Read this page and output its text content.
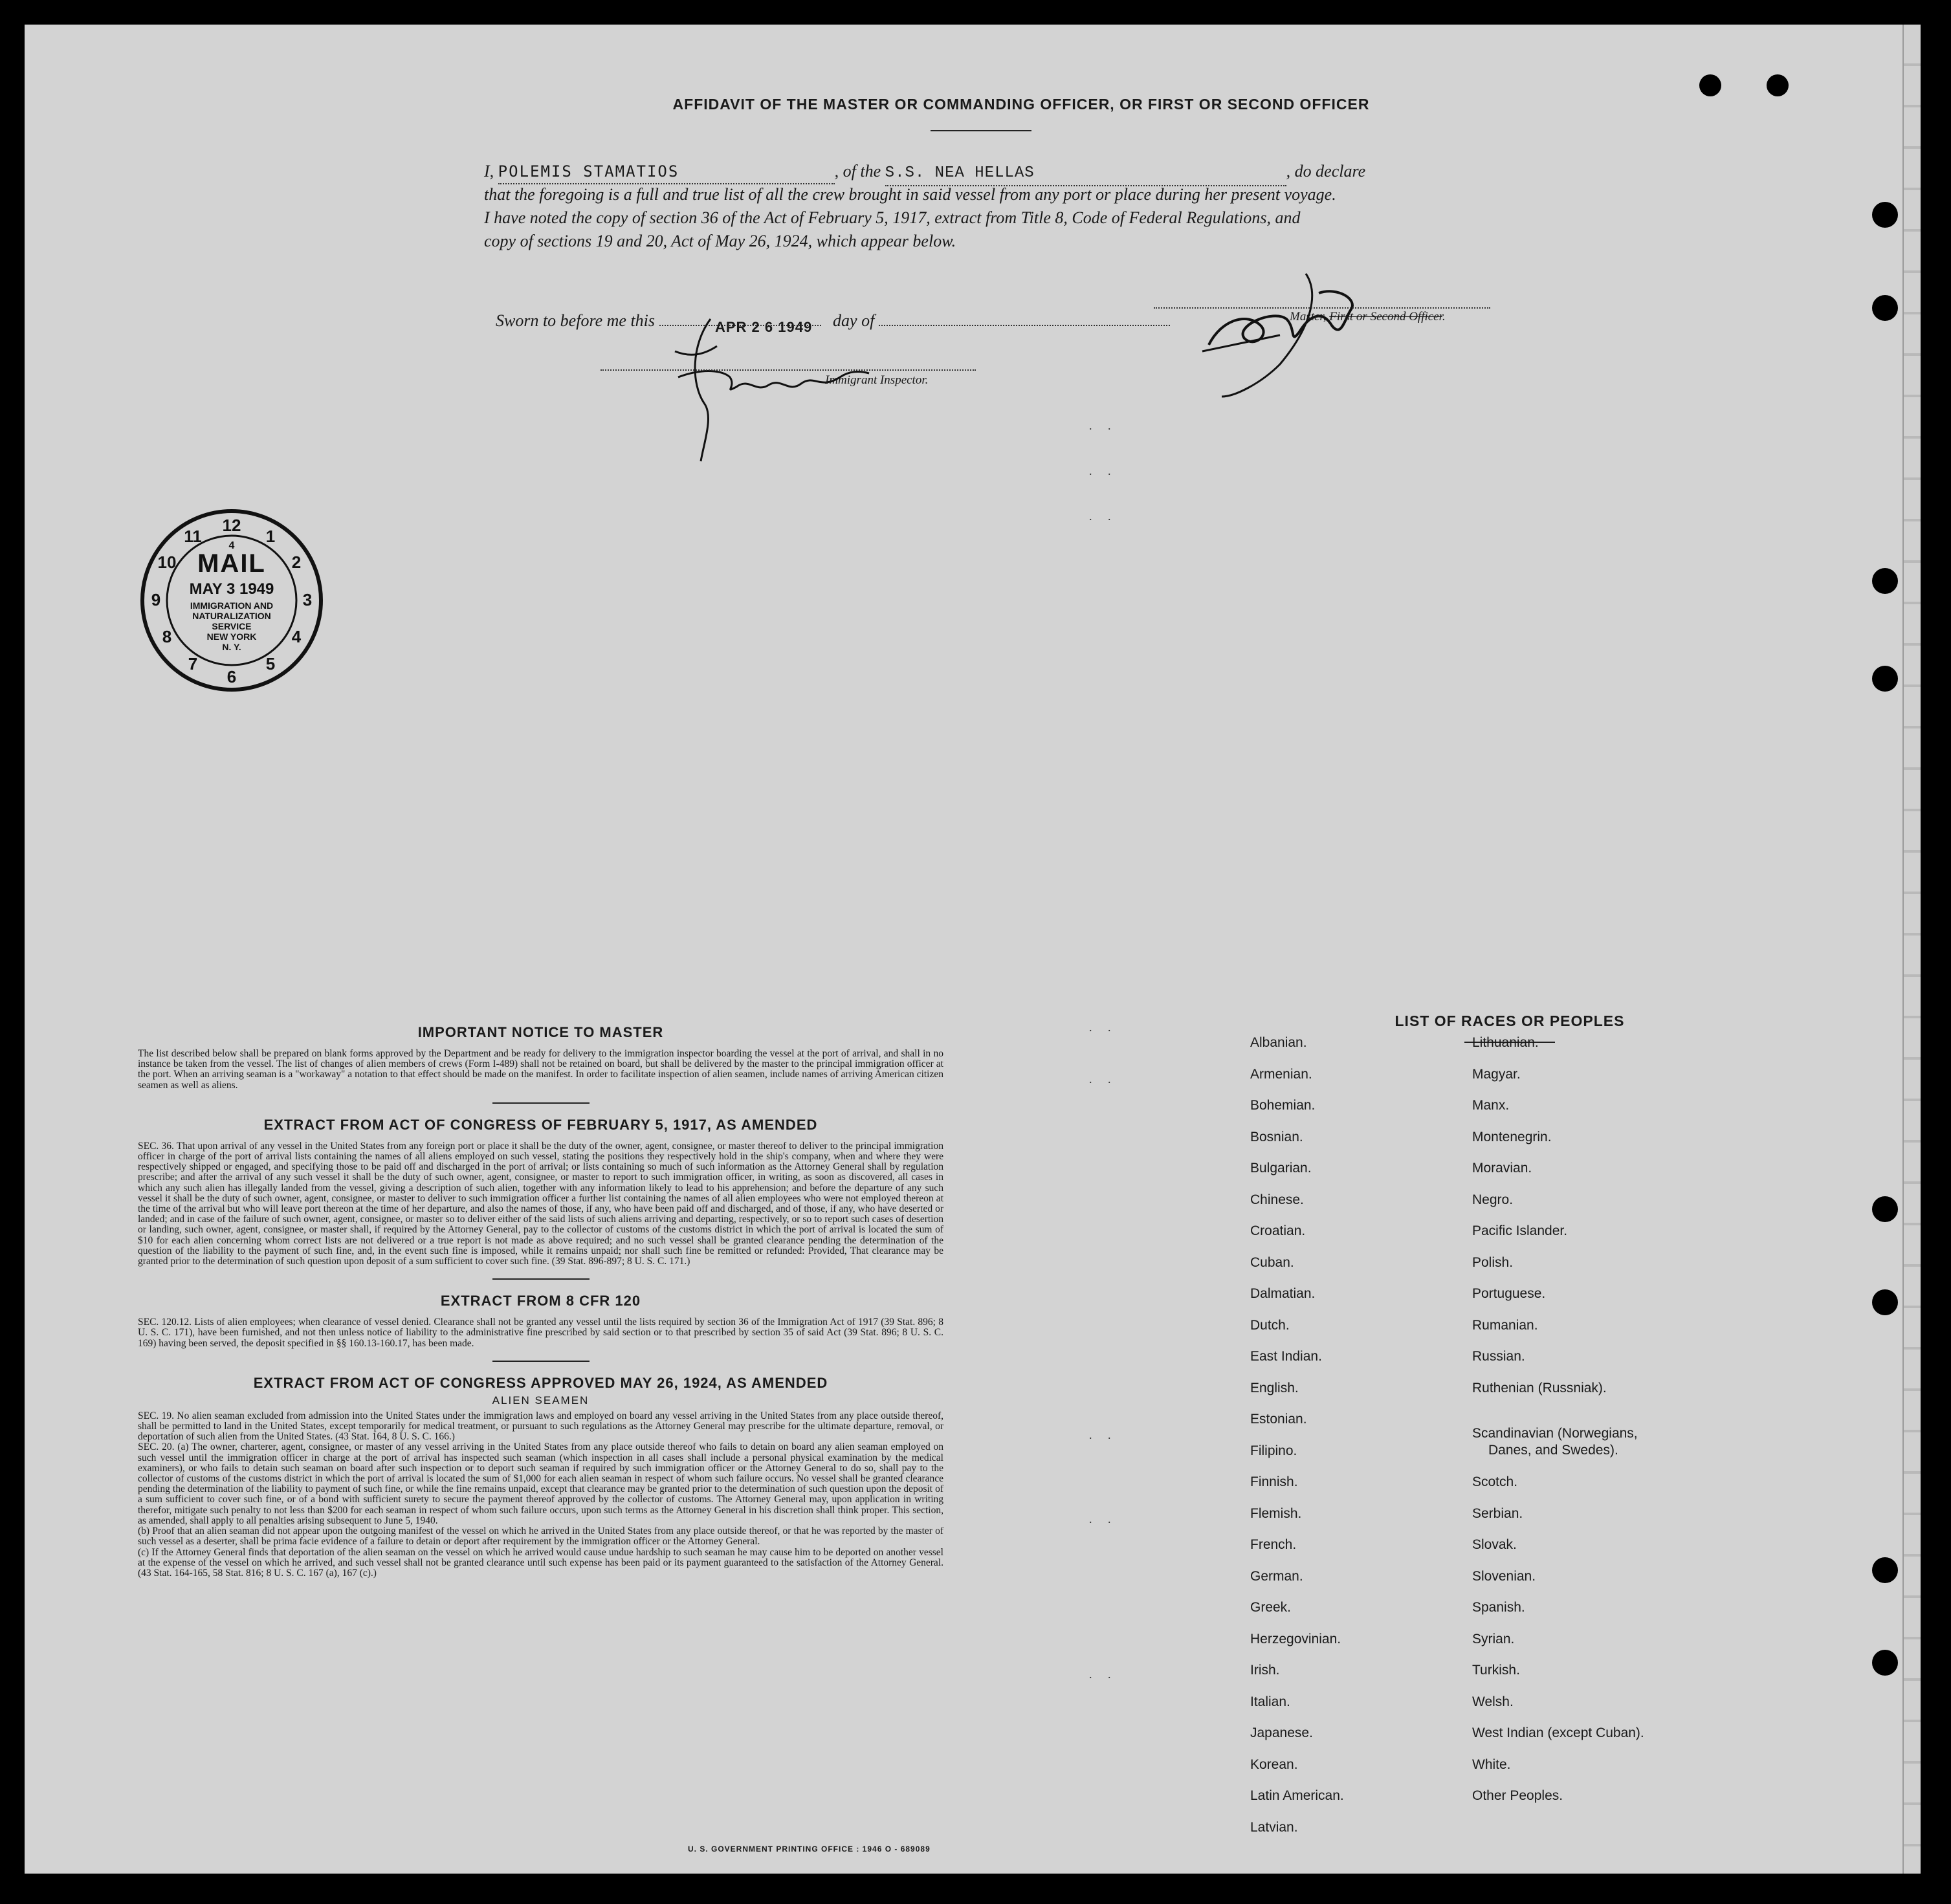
AFFIDAVIT OF THE MASTER OR COMMANDING OFFICER, OR FIRST OR SECOND OFFICER
I, POLEMIS STAMATIOS	, of the S.S. NEA HELLAS	, do declare
that the foregoing is a full and true list of all the crew brought in said vessel from any port or place during her present voyage.
I have noted the copy of section 36 of the Act of February 5, 1917, extract from Title 8, Code of Federal Regulations, and
copy of sections 19 and 20, Act of May 26, 1924, which appear below.
Master, First or Second Officer.
Sworn to before me this	day of
APR 2 6 1949
Immigrant Inspector.
. .
. .
. .
. .
. .
. .
. .
. .
12
1
2
3
4
5
6
7
8
9
10
11	4
MAIL
MAY 3 1949
IMMIGRATION AND
NATURALIZATION
SERVICE
NEW YORK
N. Y.
IMPORTANT NOTICE TO MASTER

The list described below shall be prepared on blank forms approved by the Department and be ready for delivery to the immigration inspector boarding the vessel at the port of arrival, and shall in no instance be taken from the vessel. The list of changes of alien members of crews (Form I-489) shall not be retained on board, but shall be delivered by the master to the principal immigration officer at the port. When an arriving seaman is a "workaway" a notation to that effect should be made on the manifest. In order to facilitate inspection of alien seamen, include names of arriving American citizen seamen as well as aliens.

EXTRACT FROM ACT OF CONGRESS OF FEBRUARY 5, 1917, AS AMENDED

SEC. 36. That upon arrival of any vessel in the United States from any foreign port or place it shall be the duty of the owner, agent, consignee, or master thereof to deliver to the principal immigration officer in charge of the port of arrival lists containing the names of all aliens employed on such vessel, stating the positions they respectively hold in the ship's company, when and where they were respectively shipped or engaged, and specifying those to be paid off and discharged in the port of arrival; or lists containing so much of such information as the Attorney General shall by regulation prescribe; and after the arrival of any such vessel it shall be the duty of such owner, agent, consignee, or master to report to such immigration officer, in writing, as soon as discovered, all cases in which any such alien has illegally landed from the vessel, giving a description of such alien, together with any information likely to lead to his apprehension; and before the departure of any such vessel it shall be the duty of such owner, agent, consignee, or master to deliver to such immigration officer a further list containing the names of all alien employees who were not employed thereon at the time of the arrival but who will leave port thereon at the time of her departure, and also the names of those, if any, who have been paid off and discharged, and of those, if any, who have deserted or landed; and in case of the failure of such owner, agent, consignee, or master so to deliver either of the said lists of such aliens arriving and departing, respectively, or so to report such cases of desertion or landing, such owner, agent, consignee, or master shall, if required by the Attorney General, pay to the collector of customs of the customs district in which the port of arrival is located the sum of $10 for each alien concerning whom correct lists are not delivered or a true report is not made as above required; and no such vessel shall be granted clearance pending the determination of the question of the liability to the payment of such fine, and, in the event such fine is imposed, while it remains unpaid; nor shall such fine be remitted or refunded: Provided, That clearance may be granted prior to the determination of such question upon deposit of a sum sufficient to cover such fine. (39 Stat. 896-897; 8 U. S. C. 171.)

EXTRACT FROM 8 CFR 120

SEC. 120.12. Lists of alien employees; when clearance of vessel denied. Clearance shall not be granted any vessel until the lists required by section 36 of the Immigration Act of 1917 (39 Stat. 896; 8 U. S. C. 171), have been furnished, and not then unless notice of liability to the administrative fine prescribed by said section or to that prescribed by section 35 of said Act (39 Stat. 896; 8 U. S. C. 169) having been served, the deposit specified in §§ 160.13-160.17, has been made.

EXTRACT FROM ACT OF CONGRESS APPROVED MAY 26, 1924, AS AMENDED
ALIEN SEAMEN

SEC. 19. No alien seaman excluded from admission into the United States under the immigration laws and employed on board any vessel arriving in the United States from any place outside thereof, shall be permitted to land in the United States, except temporarily for medical treatment, or pursuant to such regulations as the Attorney General may prescribe for the ultimate departure, removal, or deportation of such alien from the United States. (43 Stat. 164, 8 U. S. C. 166.)

SEC. 20. (a) The owner, charterer, agent, consignee, or master of any vessel arriving in the United States from any place outside thereof who fails to detain on board any alien seaman employed on such vessel until the immigration officer in charge at the port of arrival has inspected such seaman (which inspection in all cases shall include a personal physical examination by the medical examiners), or who fails to detain such seaman on board after such inspection or to deport such seaman if required by such immigration officer or the Attorney General to do so, shall pay to the collector of customs of the customs district in which the port of arrival is located the sum of $1,000 for each alien seaman in respect of whom such failure occurs. No vessel shall be granted clearance pending the determination of the liability to payment of such fine, or while the fine remains unpaid, except that clearance may be granted prior to the determination of such question upon the deposit of a sum sufficient to cover such fine, or of a bond with sufficient surety to secure the payment thereof approved by the collector of customs. The Attorney General may, upon application in writing therefor, mitigate such penalty to not less than $200 for each seaman in respect of whom such failure occurs, upon such terms as the Attorney General in his discretion shall think proper. This section, as amended, shall apply to all penalties arising subsequent to June 5, 1940.

(b) Proof that an alien seaman did not appear upon the outgoing manifest of the vessel on which he arrived in the United States from any place outside thereof, or that he was reported by the master of such vessel as a deserter, shall be prima facie evidence of a failure to detain or deport after requirement by the immigration officer or the Attorney General.

(c) If the Attorney General finds that deportation of the alien seaman on the vessel on which he arrived would cause undue hardship to such seaman he may cause him to be deported on another vessel at the expense of the vessel on which he arrived, and such vessel shall not be granted clearance until such expense has been paid or its payment guaranteed to the satisfaction of the Attorney General. (43 Stat. 164-165, 58 Stat. 816; 8 U. S. C. 167 (a), 167 (c).)

U. S. GOVERNMENT PRINTING OFFICE : 1946 O - 689089
LIST OF RACES OR PEOPLES
Albanian.
Armenian.
Bohemian.
Bosnian.
Bulgarian.
Chinese.
Croatian.
Cuban.
Dalmatian.
Dutch.
East Indian.
English.
Estonian.
Filipino.
Finnish.
Flemish.
French.
German.
Greek.
Herzegovinian.
Irish.
Italian.
Japanese.
Korean.
Latin American.
Latvian.
Lithuanian.
Magyar.
Manx.
Montenegrin.
Moravian.
Negro.
Pacific Islander.
Polish.
Portuguese.
Rumanian.
Russian.
Ruthenian (Russniak).
Scandinavian (Norwegians,
Danes, and Swedes).
Scotch.
Serbian.
Slovak.
Slovenian.
Spanish.
Syrian.
Turkish.
Welsh.
West Indian (except Cuban).
White.
Other Peoples.
